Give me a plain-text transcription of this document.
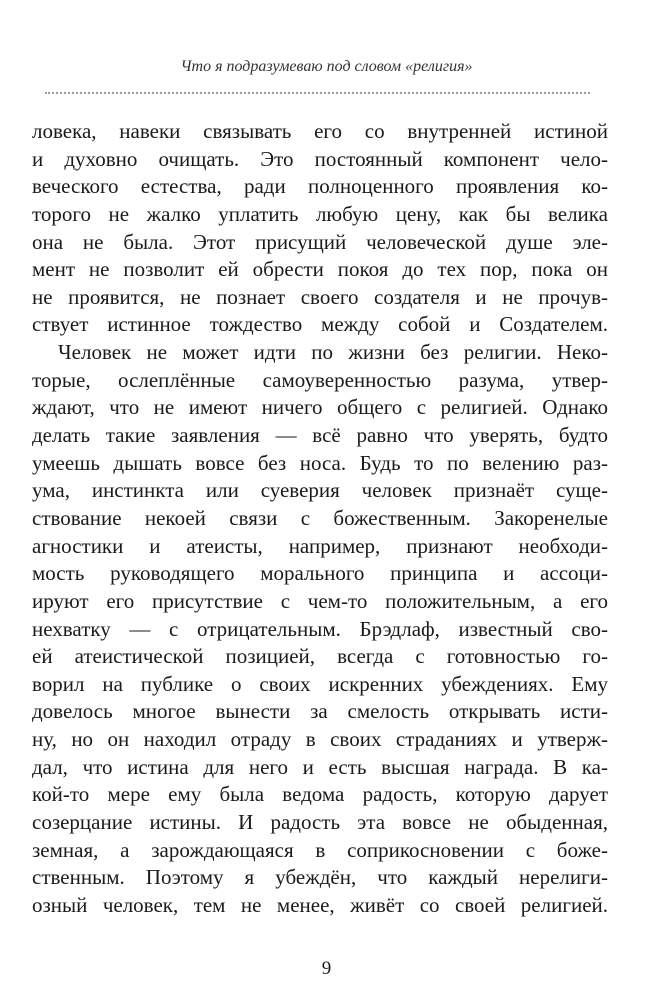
Что я подразумеваю под словом «религия»
ловека, навеки связывать его со внутренней истиной
и духовно очищать. Это постоянный компонент чело-
веческого естества, ради полноценного проявления ко-
торого не жалко уплатить любую цену, как бы велика
она не была. Этот присущий человеческой душе эле-
мент не позволит ей обрести покоя до тех пор, пока он
не проявится, не познает своего создателя и не прочув-
ствует истинное тождество между собой и Создателем.
Человек не может идти по жизни без религии. Неко-
торые, ослеплённые самоуверенностью разума, утвер-
ждают, что не имеют ничего общего с религией. Однако
делать такие заявления — всё равно что уверять, будто
умеешь дышать вовсе без носа. Будь то по велению раз-
ума, инстинкта или суеверия человек признаёт суще-
ствование некоей связи с божественным. Закоренелые
агностики и атеисты, например, признают необходи-
мость руководящего морального принципа и ассоци-
ируют его присутствие с чем-то положительным, а его
нехватку — с отрицательным. Брэдлаф, известный сво-
ей атеистической позицией, всегда с готовностью го-
ворил на публике о своих искренних убеждениях. Ему
довелось многое вынести за смелость открывать исти-
ну, но он находил отраду в своих страданиях и утверж-
дал, что истина для него и есть высшая награда. В ка-
кой-то мере ему была ведома радость, которую дарует
созерцание истины. И радость эта вовсе не обыденная,
земная, а зарождающаяся в соприкосновении с боже-
ственным. Поэтому я убеждён, что каждый нерелиги-
озный человек, тем не менее, живёт со своей религией.
9
